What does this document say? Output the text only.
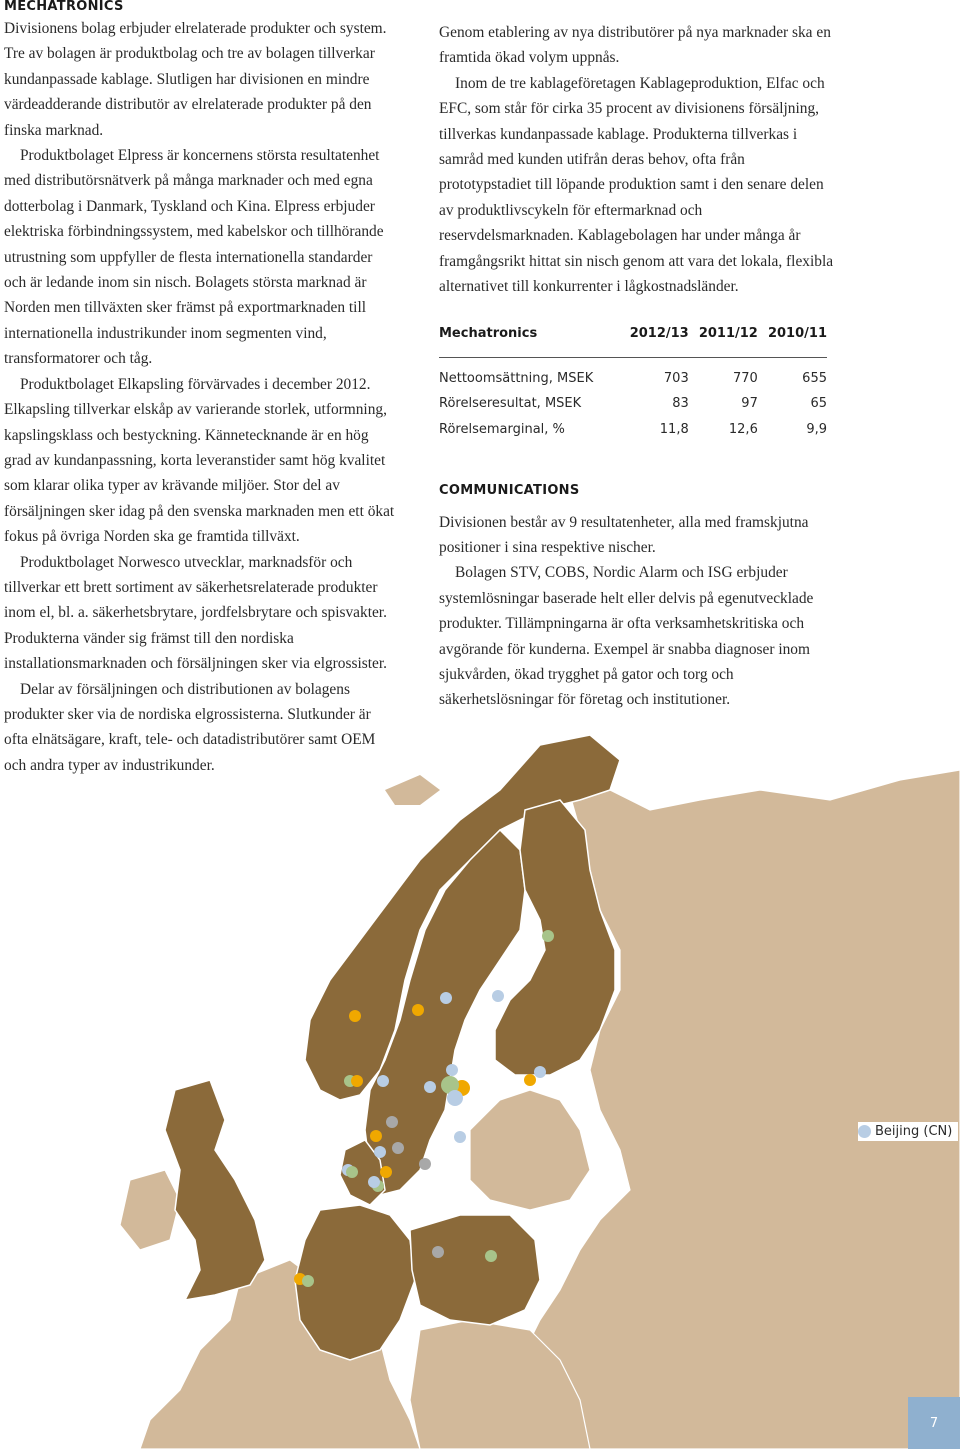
MECHATRONICS

Divisionens bolag erbjuder elrelaterade produkter och system. Tre av bolagen är produktbolag och tre av bolagen tillverkar kundanpassade kablage. Slutligen har divisionen en mindre värdeadderande distributör av elrelaterade produkter på den finska marknad.

Produktbolaget Elpress är koncernens största resultatenhet med distributörsnätverk på många marknader och med egna dotterbolag i Danmark, Tyskland och Kina. Elpress erbjuder elektriska förbindningssystem, med kabelskor och tillhörande utrustning som uppfyller de flesta internationella standarder och är ledande inom sin nisch. Bolagets största marknad är Norden men tillväxten sker främst på exportmarknaden till internationella industrikunder inom segmenten vind, transformatorer och tåg.

Produktbolaget Elkapsling förvärvades i december 2012. Elkapsling tillverkar elskåp av varierande storlek, utformning, kapslingsklass och bestyckning. Kännetecknande är en hög grad av kundanpassning, korta leveranstider samt hög kvalitet som klarar olika typer av krävande miljöer. Stor del av försäljningen sker idag på den svenska marknaden men ett ökat fokus på övriga Norden ska ge framtida tillväxt.

Produktbolaget Norwesco utvecklar, marknadsför och tillverkar ett brett sortiment av säkerhetsrelaterade produkter inom el, bl. a. säkerhetsbrytare, jordfelsbrytare och spisvakter. Produkterna vänder sig främst till den nordiska installationsmarknaden och försäljningen sker via elgrossister.

Delar av försäljningen och distributionen av bolagens produkter sker via de nordiska elgrossisterna. Slutkunder är ofta elnätsägare, kraft, tele- och datadistributörer samt OEM och andra typer av industrikunder.

Genom etablering av nya distributörer på nya marknader ska en framtida ökad volym uppnås.

Inom de tre kablageföretagen Kablageproduktion, Elfac och EFC, som står för cirka 35 procent av divisionens försäljning, tillverkas kundanpassade kablage. Produkterna tillverkas i samråd med kunden utifrån deras behov, ofta från prototypstadiet till löpande produktion samt i den senare delen av produktlivscykeln för eftermarknad och reservdelsmarknaden. Kablagebolagen har under många år framgångsrikt hittat sin nisch genom att vara det lokala, flexibla alternativet till konkurrenter i lågkostnadsländer.

Mechatronics	2012/13	2011/12	2010/11
Nettoomsättning, MSEK	703	770	655
Rörelseresultat, MSEK	83	97	65
Rörelsemarginal, %	11,8	12,6	9,9
COMMUNICATIONS

Divisionen består av 9 resultatenheter, alla med framskjutna positioner i sina respektive nischer.

Bolagen STV, COBS, Nordic Alarm och ISG erbjuder systemlösningar baserade helt eller delvis på egenutvecklade produkter. Tillämpningarna är ofta verksamhetskritiska och avgörande för kunderna. Exempel är snabba diagnoser inom sjukvården, ökad trygghet på gator och torg och säkerhetslösningar för företag och institutioner.

Beijing (CN)
7
